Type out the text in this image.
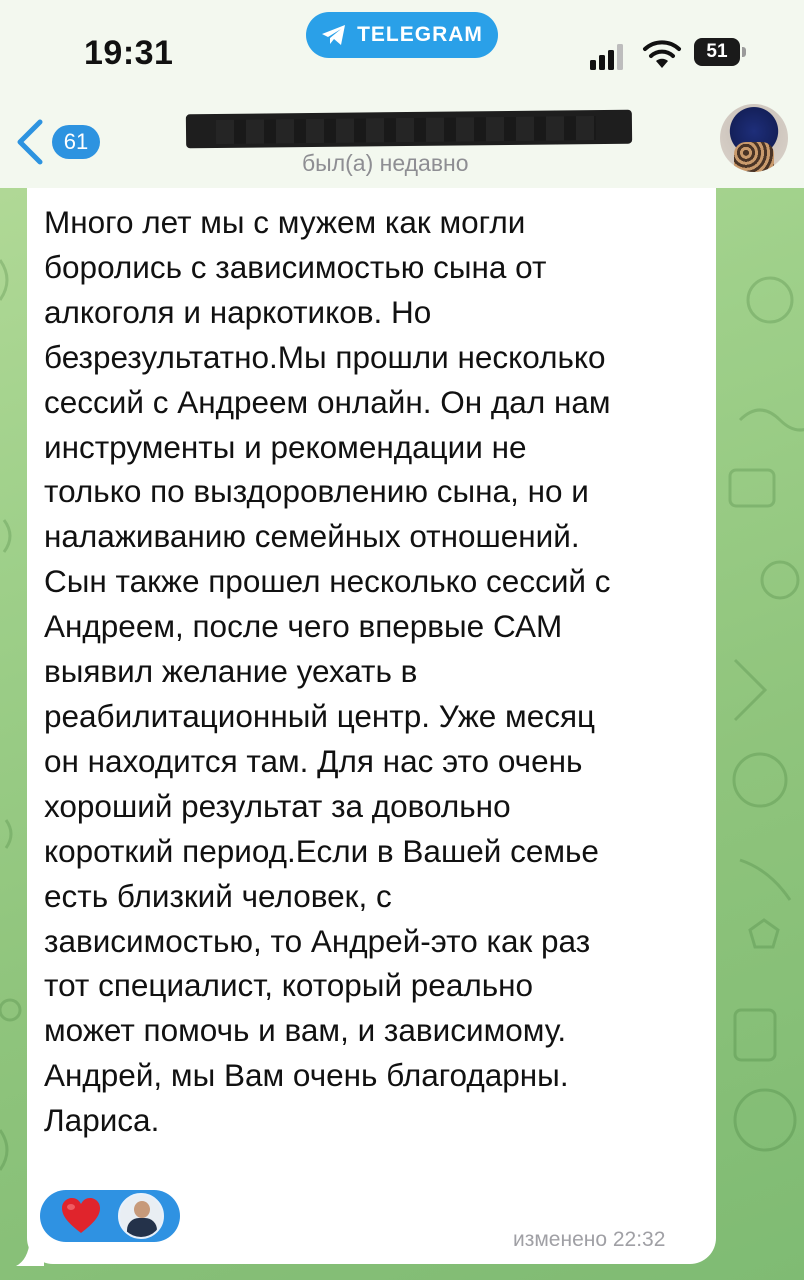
19:31	TELEGRAM
51
61
был(а) недавно

Много лет мы с мужем как могли
боролись с зависимостью сына от
алкоголя и наркотиков. Но
безрезультатно.Мы прошли несколько
сессий с Андреем онлайн. Он дал нам
инструменты и рекомендации не
только по выздоровлению сына, но и
налаживанию семейных отношений.
Сын также прошел несколько сессий с
Андреем, после чего впервые САМ
выявил желание уехать в
реабилитационный центр. Уже месяц
он находится там. Для нас это очень
хороший результат за довольно
короткий период.Если в Вашей семье
есть близкий человек, с
зависимостью, то Андрей-это как раз
тот специалист, который реально
может помочь и вам, и зависимому.
Андрей, мы Вам очень благодарны.
Лариса.

изменено 22:32
